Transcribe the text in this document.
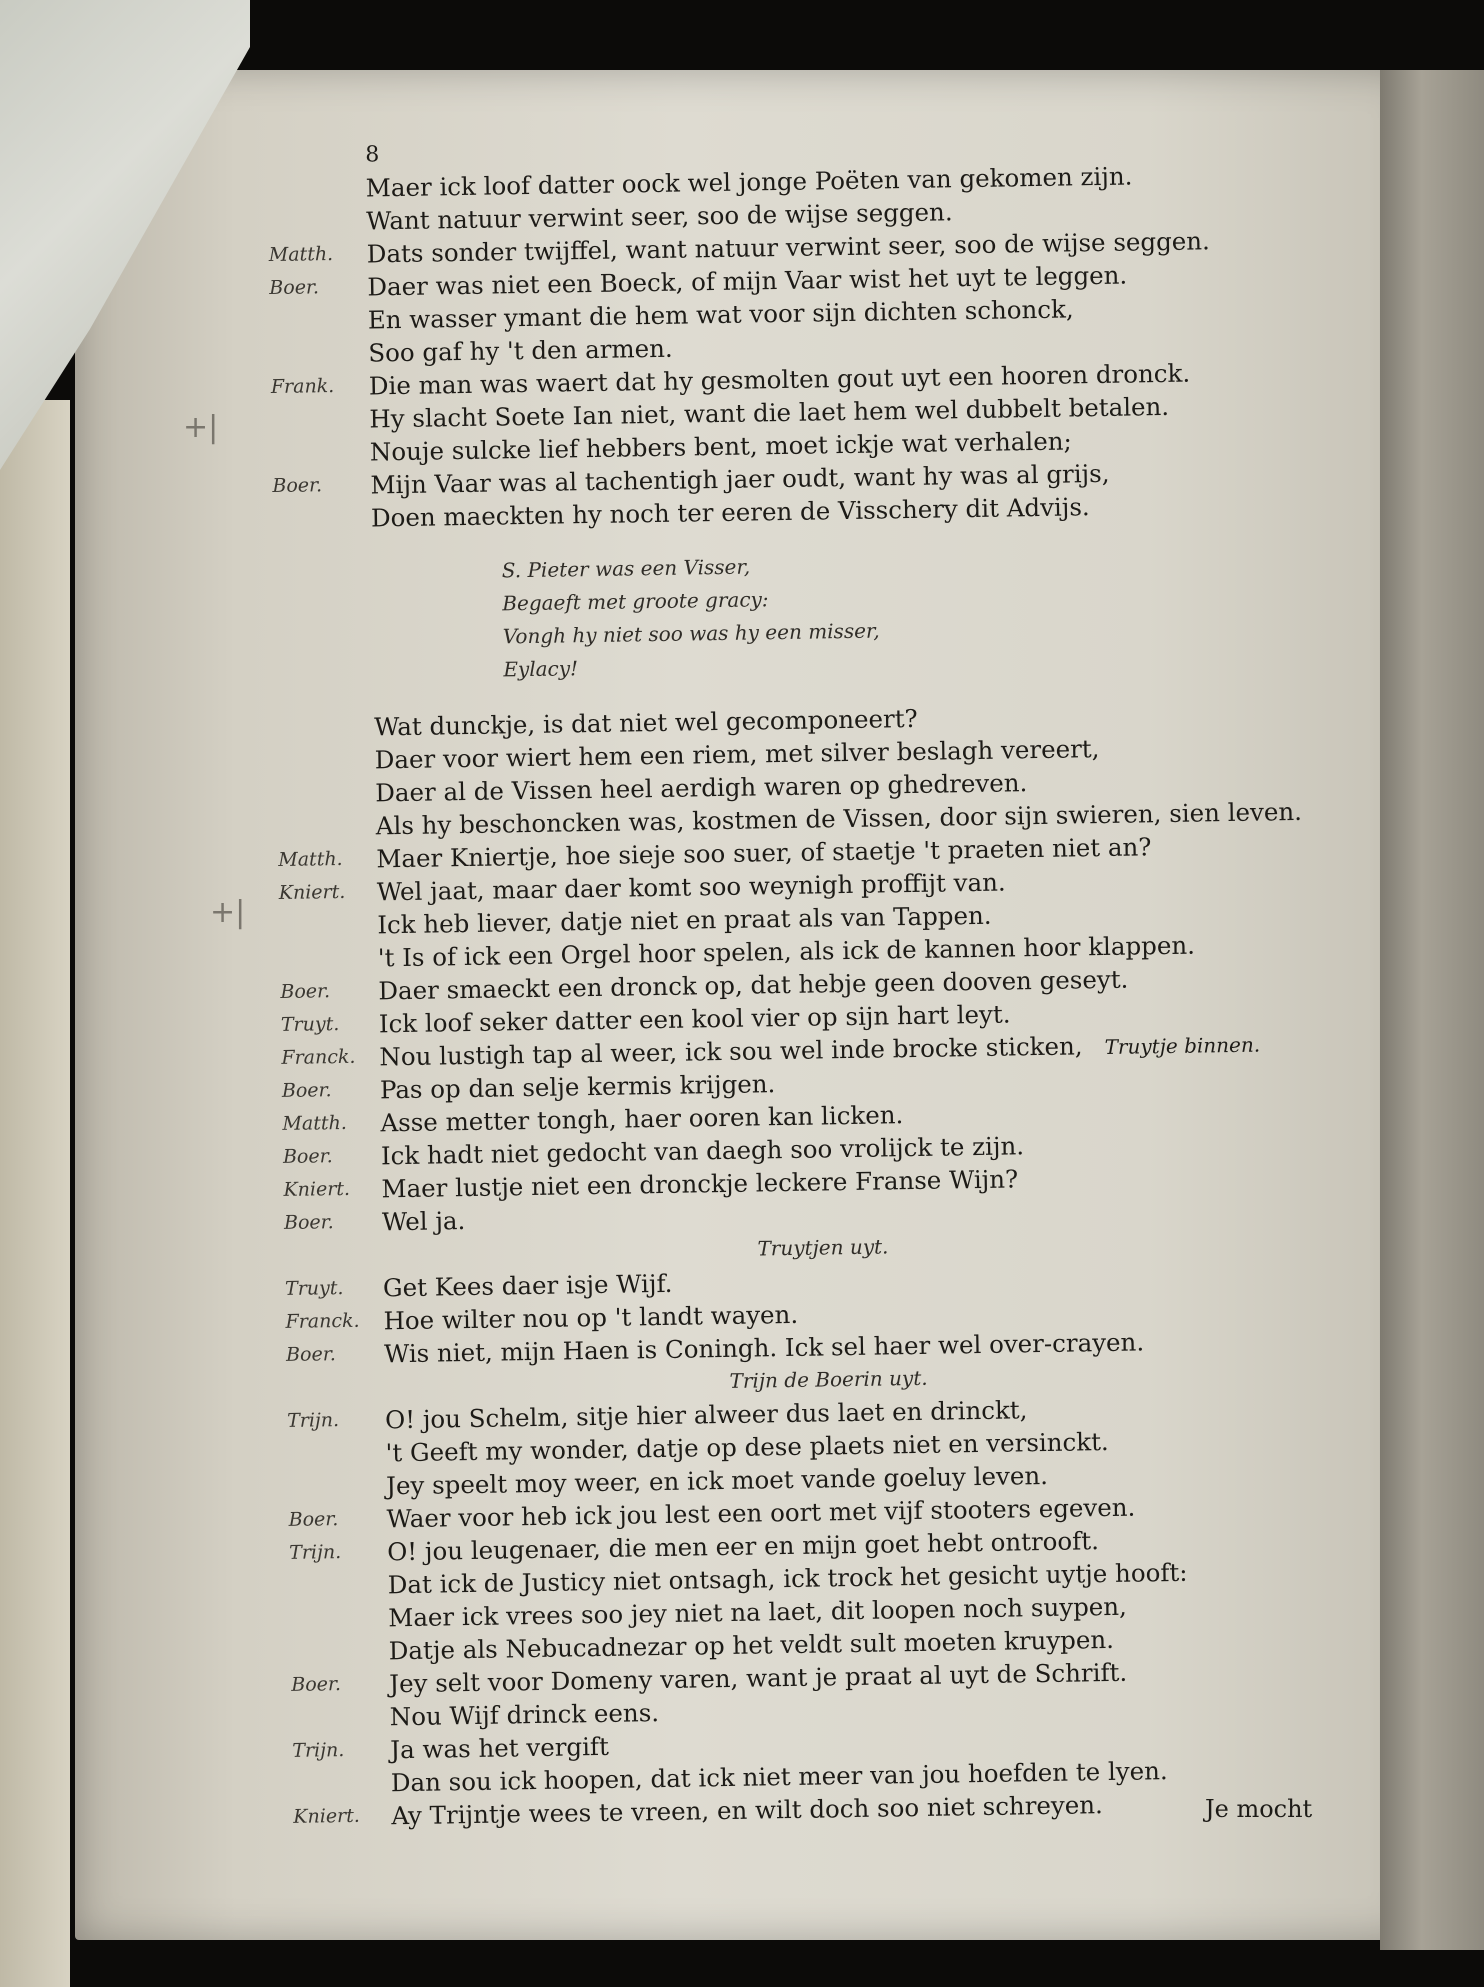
+|
+|
8
Maer ick loof datter oock wel jonge Poëten van gekomen zijn.
Want natuur verwint seer, soo de wijse seggen.
Matth. Dats sonder twijffel, want natuur verwint seer, soo de wijse seggen.
Boer. Daer was niet een Boeck, of mijn Vaar wist het uyt te leggen.
En wasser ymant die hem wat voor sijn dichten schonck,
Soo gaf hy 't den armen.
Frank. Die man was waert dat hy gesmolten gout uyt een hooren dronck.
Hy slacht Soete Ian niet, want die laet hem wel dubbelt betalen.
Nouje sulcke lief hebbers bent, moet ickje wat verhalen;
Boer. Mijn Vaar was al tachentigh jaer oudt, want hy was al grijs,
Doen maeckten hy noch ter eeren de Visschery dit Advijs.
S. Pieter was een Visser,
Begaeft met groote gracy:
Vongh hy niet soo was hy een misser,
Eylacy!
Wat dunckje, is dat niet wel gecomponeert?
Daer voor wiert hem een riem, met silver beslagh vereert,
Daer al de Vissen heel aerdigh waren op ghedreven.
Als hy beschoncken was, kostmen de Vissen, door sijn swieren, sien leven.
Matth. Maer Kniertje, hoe sieje soo suer, of staetje 't praeten niet an?
Kniert. Wel jaat, maar daer komt soo weynigh proffijt van.
Ick heb liever, datje niet en praat als van Tappen.
't Is of ick een Orgel hoor spelen, als ick de kannen hoor klappen.
Boer. Daer smaeckt een dronck op, dat hebje geen dooven geseyt.
Truyt. Ick loof seker datter een kool vier op sijn hart leyt.
Franck. Nou lustigh tap al weer, ick sou wel inde brocke sticken, Truytje binnen.
Boer. Pas op dan selje kermis krijgen.
Matth. Asse metter tongh, haer ooren kan licken.
Boer. Ick hadt niet gedocht van daegh soo vrolijck te zijn.
Kniert. Maer lustje niet een dronckje leckere Franse Wijn?
Boer. Wel ja.
Truytjen uyt.
Truyt. Get Kees daer isje Wijf.
Franck. Hoe wilter nou op 't landt wayen.
Boer. Wis niet, mijn Haen is Coningh. Ick sel haer wel over-crayen.
Trijn de Boerin uyt.
Trijn. O! jou Schelm, sitje hier alweer dus laet en drinckt,
't Geeft my wonder, datje op dese plaets niet en versinckt.
Jey speelt moy weer, en ick moet vande goeluy leven.
Boer. Waer voor heb ick jou lest een oort met vijf stooters egeven.
Trijn. O! jou leugenaer, die men eer en mijn goet hebt ontrooft.
Dat ick de Justicy niet ontsagh, ick trock het gesicht uytje hooft:
Maer ick vrees soo jey niet na laet, dit loopen noch suypen,
Datje als Nebucadnezar op het veldt sult moeten kruypen.
Boer. Jey selt voor Domeny varen, want je praat al uyt de Schrift.
Nou Wijf drinck eens.
Trijn. Ja was het vergift
Dan sou ick hoopen, dat ick niet meer van jou hoefden te lyen.
Kniert. Ay Trijntje wees te vreen, en wilt doch soo niet schreyen.	Je mocht
